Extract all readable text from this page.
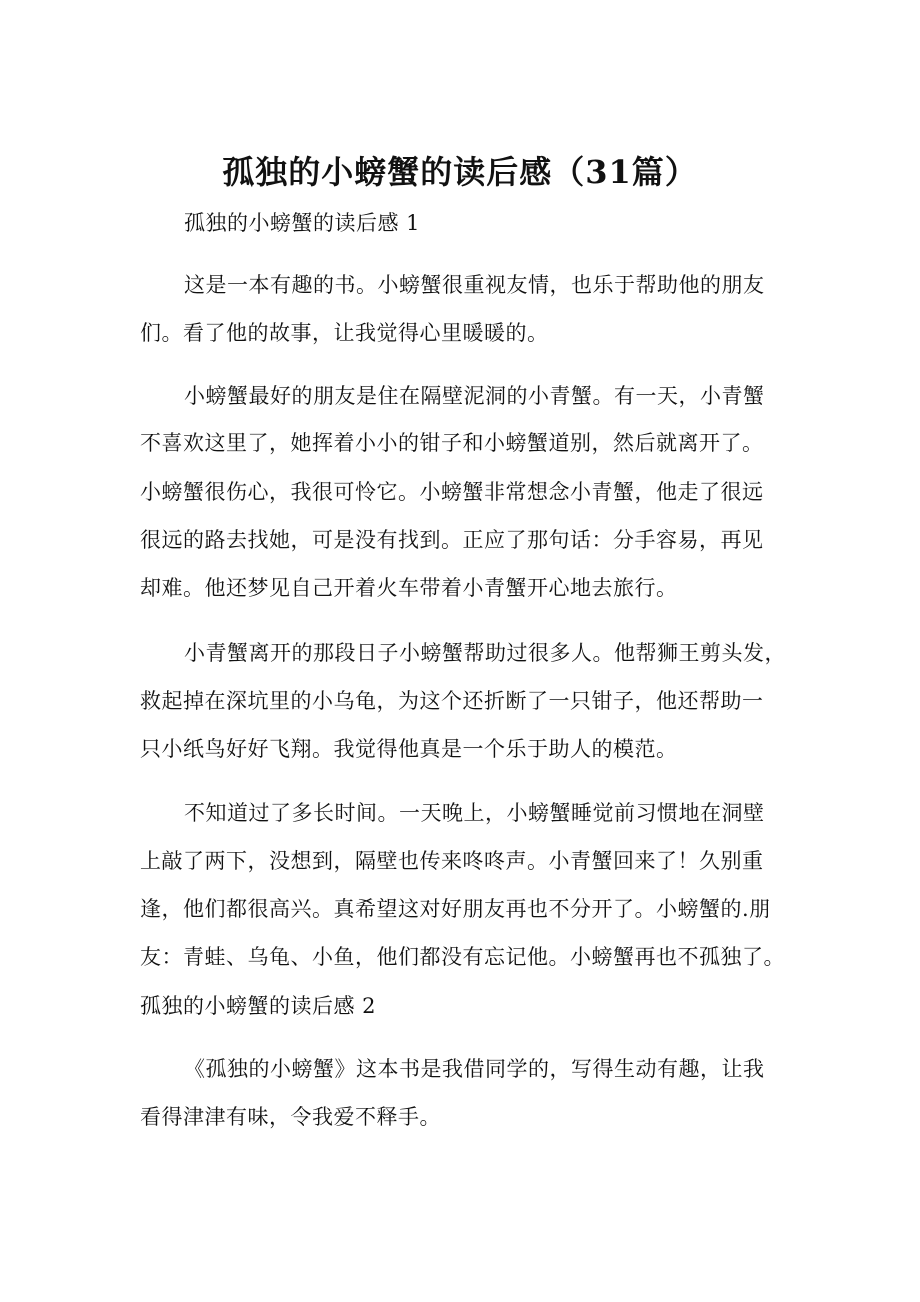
孤独的小螃蟹的读后感（31篇）
孤独的小螃蟹的读后感 1
这是一本有趣的书。小螃蟹很重视友情，也乐于帮助他的朋友
们。看了他的故事，让我觉得心里暖暖的。
小螃蟹最好的朋友是住在隔壁泥洞的小青蟹。有一天，小青蟹
不喜欢这里了，她挥着小小的钳子和小螃蟹道别，然后就离开了。
小螃蟹很伤心，我很可怜它。小螃蟹非常想念小青蟹，他走了很远
很远的路去找她，可是没有找到。正应了那句话：分手容易，再见
却难。他还梦见自己开着火车带着小青蟹开心地去旅行。
小青蟹离开的那段日子小螃蟹帮助过很多人。他帮狮王剪头发，
救起掉在深坑里的小乌龟，为这个还折断了一只钳子，他还帮助一
只小纸鸟好好飞翔。我觉得他真是一个乐于助人的模范。
不知道过了多长时间。一天晚上，小螃蟹睡觉前习惯地在洞壁
上敲了两下，没想到，隔壁也传来咚咚声。小青蟹回来了！久别重
逢，他们都很高兴。真希望这对好朋友再也不分开了。小螃蟹的.朋
友：青蛙、乌龟、小鱼，他们都没有忘记他。小螃蟹再也不孤独了。
孤独的小螃蟹的读后感 2
《孤独的小螃蟹》这本书是我借同学的，写得生动有趣，让我
看得津津有味，令我爱不释手。
